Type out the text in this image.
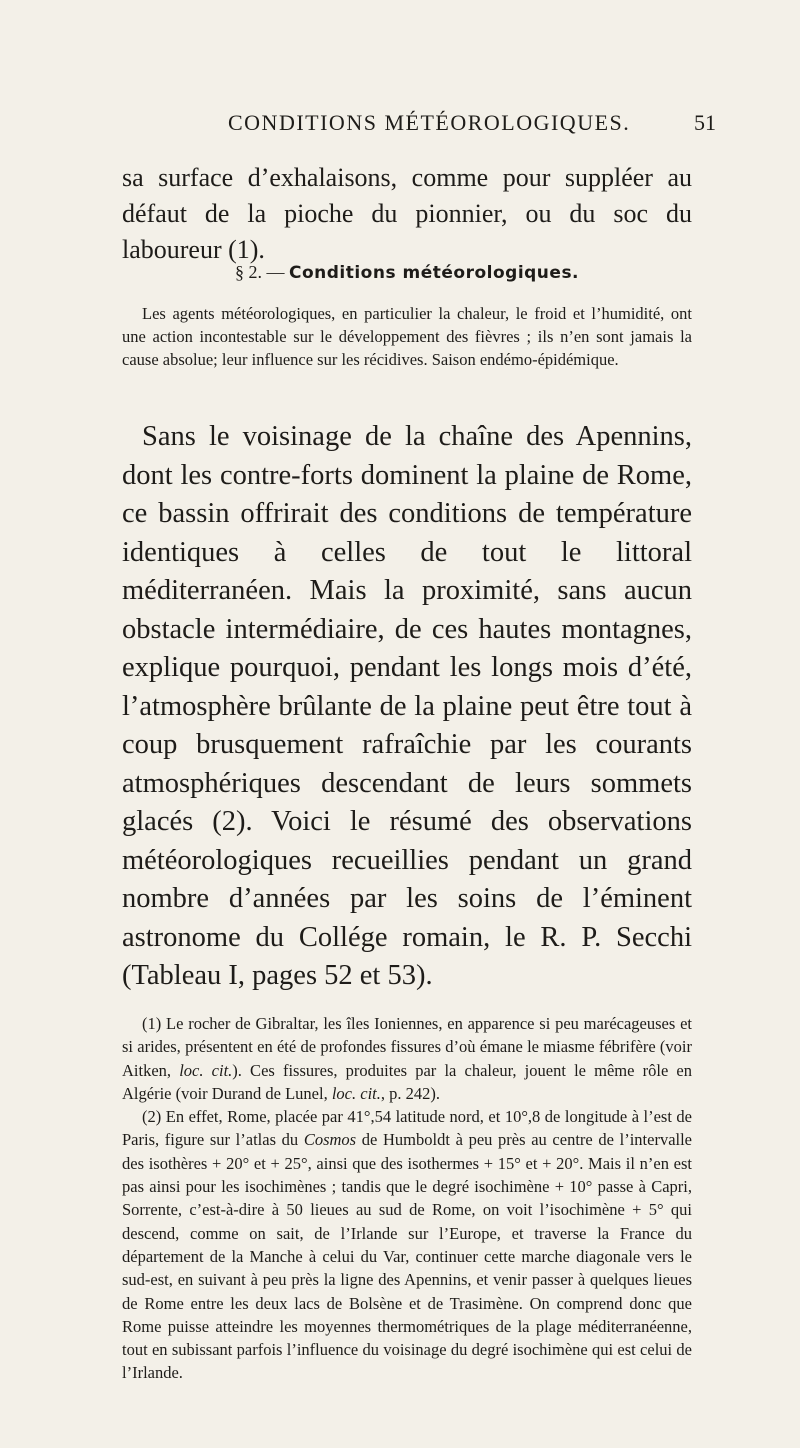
CONDITIONS MÉTÉOROLOGIQUES.	51

sa surface d’exhalaisons, comme pour suppléer au défaut de la pioche du pionnier, ou du soc du laboureur (1).

§ 2. — Conditions météorologiques.

Les agents météorologiques, en particulier la chaleur, le froid et l’humidité, ont une action incontestable sur le développement des fièvres ; ils n’en sont jamais la cause absolue; leur influence sur les récidives. Saison endémo-épidémique.

Sans le voisinage de la chaîne des Apennins, dont les contre-forts dominent la plaine de Rome, ce bassin offrirait des conditions de température identiques à celles de tout le littoral méditerranéen. Mais la proximité, sans aucun obstacle intermédiaire, de ces hautes montagnes, explique pourquoi, pendant les longs mois d’été, l’atmosphère brûlante de la plaine peut être tout à coup brusquement rafraîchie par les courants atmosphériques descendant de leurs sommets glacés (2). Voici le résumé des observations météorologiques recueillies pendant un grand nombre d’années par les soins de l’éminent astronome du Collége romain, le R. P. Secchi (Tableau I, pages 52 et 53).

(1) Le rocher de Gibraltar, les îles Ioniennes, en apparence si peu marécageuses et si arides, présentent en été de profondes fissures d’où émane le miasme fébrifère (voir Aitken, loc. cit.). Ces fissures, produites par la chaleur, jouent le même rôle en Algérie (voir Durand de Lunel, loc. cit., p. 242).

(2) En effet, Rome, placée par 41°,54 latitude nord, et 10°,8 de longitude à l’est de Paris, figure sur l’atlas du Cosmos de Humboldt à peu près au centre de l’intervalle des isothères + 20° et + 25°, ainsi que des isothermes + 15° et + 20°. Mais il n’en est pas ainsi pour les isochimènes ; tandis que le degré isochimène + 10° passe à Capri, Sorrente, c’est-à-dire à 50 lieues au sud de Rome, on voit l’isochimène + 5° qui descend, comme on sait, de l’Irlande sur l’Europe, et traverse la France du département de la Manche à celui du Var, continuer cette marche diagonale vers le sud-est, en suivant à peu près la ligne des Apennins, et venir passer à quelques lieues de Rome entre les deux lacs de Bolsène et de Trasimène. On comprend donc que Rome puisse atteindre les moyennes thermométriques de la plage méditerranéenne, tout en subissant parfois l’influence du voisinage du degré isochimène qui est celui de l’Irlande.
